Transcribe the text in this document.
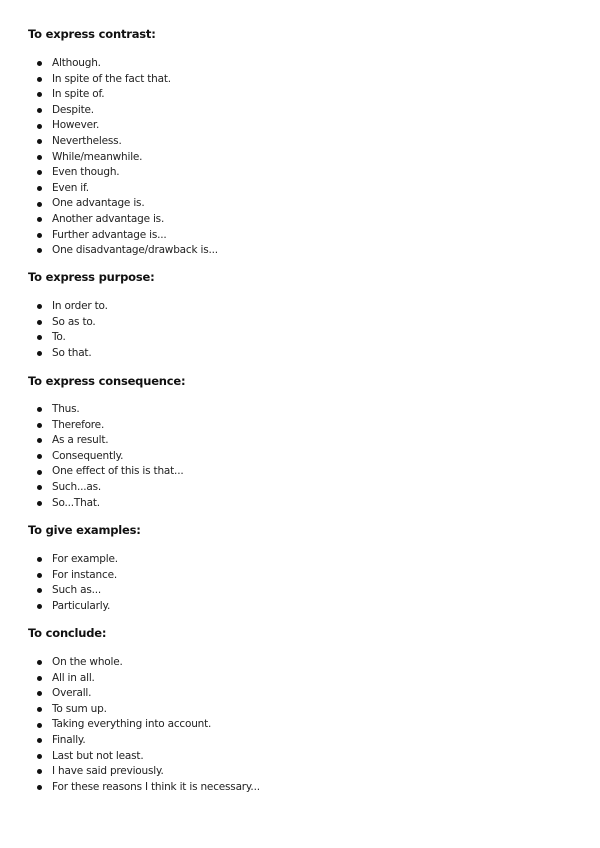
To express contrast:
Although.
In spite of the fact that.
In spite of.
Despite.
However.
Nevertheless.
While/meanwhile.
Even though.
Even if.
One advantage is.
Another advantage is.
Further advantage is...
One disadvantage/drawback is...
To express purpose:
In order to.
So as to.
To.
So that.
To express consequence:
Thus.
Therefore.
As a result.
Consequently.
One effect of this is that...
Such...as.
So...That.
To give examples:
For example.
For instance.
Such as...
Particularly.
To conclude:
On the whole.
All in all.
Overall.
To sum up.
Taking everything into account.
Finally.
Last but not least.
I have said previously.
For these reasons I think it is necessary...
